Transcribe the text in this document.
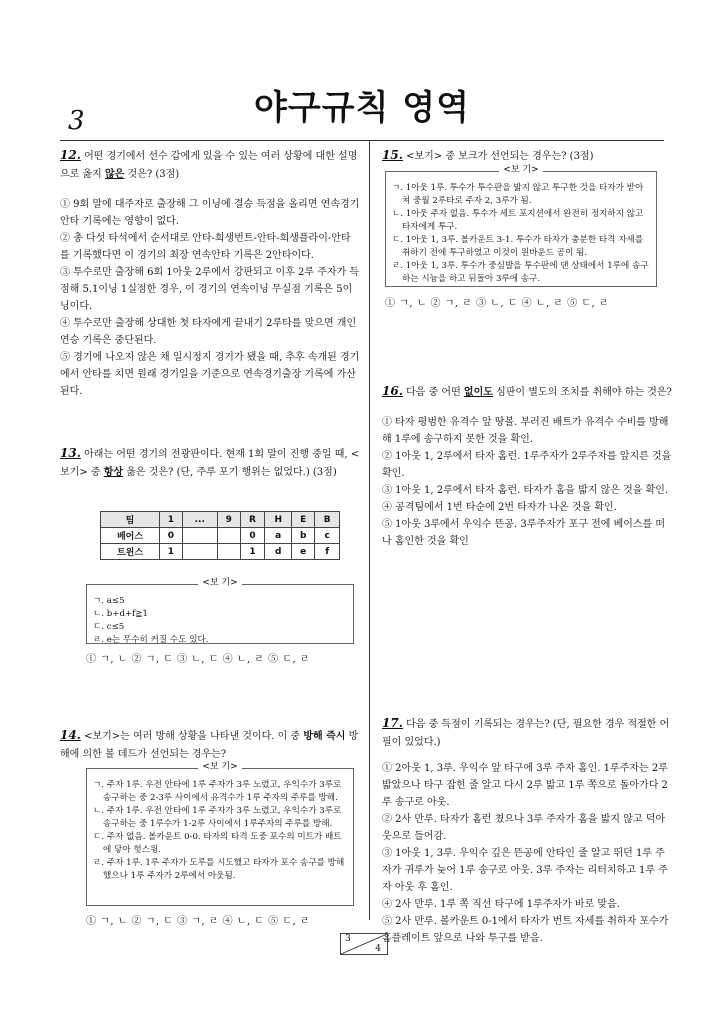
야구규칙 영역
3
12. 어떤 경기에서 선수 갑에게 있을 수 있는 여러 상황에 대한 설명으로 옳지 않은 것은? (3점)
① 9회 말에 대주자로 출장해 그 이닝에 결승 득점을 올리면 연속경기안타 기록에는 영향이 없다.
② 총 다섯 타석에서 순서대로 안타-희생번트-안타-희생플라이-안타를 기록했다면 이 경기의 최장 연속안타 기록은 2안타이다.
③ 투수로만 출장해 6회 1아웃 2루에서 강판되고 이후 2루 주자가 득점해 5.1이닝 1실점한 경우, 이 경기의 연속이닝 무실점 기록은 5이닝이다.
④ 투수로만 출장해 상대한 첫 타자에게 끝내기 2루타를 맞으면 개인 연승 기록은 중단된다.
⑤ 경기에 나오지 않은 채 일시정지 경기가 됐을 때, 추후 속개된 경기에서 안타를 치면 원래 경기일을 기준으로 연속경기출장 기록에 가산된다.
13. 아래는 어떤 경기의 전광판이다. 현재 1회 말이 진행 중일 때, <보기> 중 항상 옳은 것은? (단, 주루 포기 행위는 없었다.) (3점)
팀	1	...	9	R	H	E	B
베어스	0			0	a	b	c
트윈스	1			1	d	e	f
<보 기>
ㄱ. a≤5
ㄴ. b+d+f≧1
ㄷ. c≤5
ㄹ. e는 무수히 커질 수도 있다.
① ㄱ, ㄴ ② ㄱ, ㄷ ③ ㄴ, ㄷ ④ ㄴ, ㄹ ⑤ ㄷ, ㄹ
14. <보기>는 여러 방해 상황을 나타낸 것이다. 이 중 방해 즉시 방해에 의한 볼 데드가 선언되는 경우는?
<보 기>
ㄱ. 주자 1루. 우전 안타에 1루 주자가 3루 노렸고, 우익수가 3루로 송구하는 중 2-3루 사이에서 유격수가 1루 주자의 주루를 방해.
ㄴ. 주자 1루. 우전 안타에 1루 주자가 3루 노렸고, 우익수가 3루로 송구하는 중 1루수가 1-2루 사이에서 1루주자의 주루를 방해.
ㄷ. 주자 없음. 볼카운트 0-0. 타자의 타격 도중 포수의 미트가 배트에 닿아 헛스윙.
ㄹ. 주자 1루. 1루 주자가 도루를 시도했고 타자가 포수 송구를 방해했으나 1루 주자가 2루에서 아웃됨.
① ㄱ, ㄴ ② ㄱ, ㄷ ③ ㄱ, ㄹ ④ ㄴ, ㄷ ⑤ ㄷ, ㄹ
15. <보기> 중 보크가 선언되는 경우는? (3점)
<보 기>
ㄱ. 1아웃 1루. 투수가 투수판을 밟지 않고 투구한 것을 타자가 받아쳐 중월 2루타로 주자 2, 3루가 됨.
ㄴ. 1아웃 주자 없음. 투수가 세트 포지션에서 완전히 정지하지 않고 타자에게 투구.
ㄷ. 1아웃 1, 3루. 볼카운트 3-1. 투수가 타자가 충분한 타격 자세를 취하기 전에 투구하였고 이것이 원바운드 공이 됨.
ㄹ. 1아웃 1, 3루. 투수가 중심발을 투수판에 댄 상태에서 1루에 송구하는 시늉을 하고 뒤돌아 3루에 송구.
① ㄱ, ㄴ ② ㄱ, ㄹ ③ ㄴ, ㄷ ④ ㄴ, ㄹ ⑤ ㄷ, ㄹ
16. 다음 중 어떤 없이도 심판이 별도의 조치를 취해야 하는 것은?
① 타자 평범한 유격수 앞 땅볼. 부러진 배트가 유격수 수비를 방해해 1루에 송구하지 못한 것을 확인.
② 1아웃 1, 2루에서 타자 홈런. 1루주자가 2루주자를 앞지른 것을 확인.
③ 1아웃 1, 2루에서 타자 홈런. 타자가 홈을 밟지 않은 것을 확인.
④ 공격팀에서 1번 타순에 2번 타자가 나온 것을 확인.
⑤ 1아웃 3루에서 우익수 뜬공. 3루주자가 포구 전에 베이스를 떠나 홈인한 것을 확인
17. 다음 중 득점이 기록되는 경우는? (단, 필요한 경우 적절한 어필이 있었다.)
① 2아웃 1, 3루. 우익수 앞 타구에 3루 주자 홈인. 1루주자는 2루 밟았으나 타구 잡힌 줄 알고 다시 2루 밟고 1루 쪽으로 돌아가다 2루 송구로 아웃.
② 2사 만루. 타자가 홈런 쳤으나 3루 주자가 홈을 밟지 않고 덕아웃으로 들어감.
③ 1아웃 1, 3루. 우익수 깊은 뜬공에 안타인 줄 알고 뛰던 1루 주자가 귀루가 늦어 1루 송구로 아웃. 3루 주자는 리터치하고 1루 주자 아웃 후 홈인.
④ 2사 만루. 1루 쪽 직선 타구에 1루주자가 바로 맞음.
⑤ 2사 만루. 볼카운트 0-1에서 타자가 번트 자세를 취하자 포수가 홈플레이트 앞으로 나와 투구를 받음.
3
4
